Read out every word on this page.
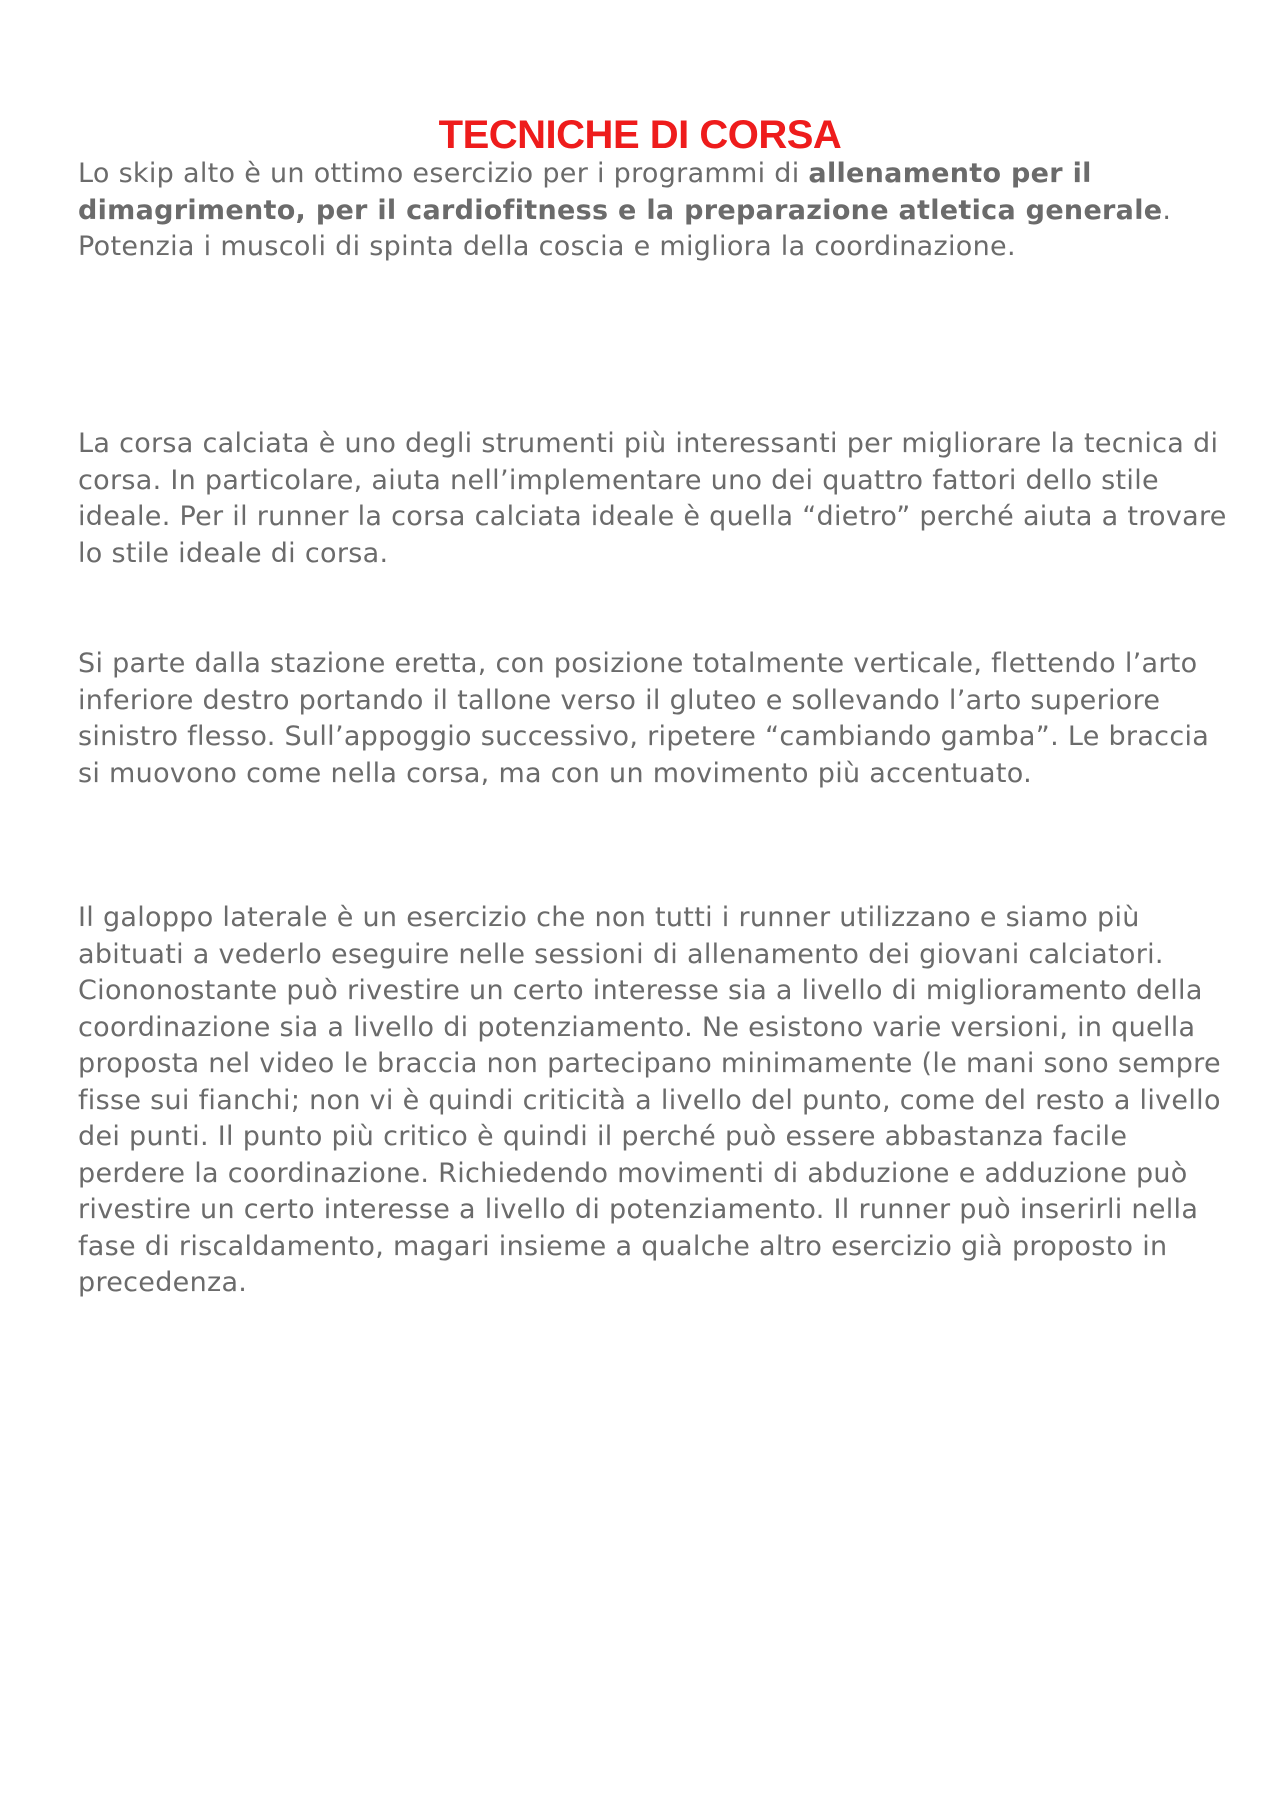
TECNICHE DI CORSA

Lo skip alto è un ottimo esercizio per i programmi di allenamento per il dimagrimento, per il cardiofitness e la preparazione atletica generale. Potenzia i muscoli di spinta della coscia e migliora la coordinazione.

La corsa calciata è uno degli strumenti più interessanti per migliorare la tecnica di corsa. In particolare, aiuta nell’implementare uno dei quattro fattori dello stile ideale. Per il runner la corsa calciata ideale è quella “dietro” perché aiuta a trovare lo stile ideale di corsa.

Si parte dalla stazione eretta, con posizione totalmente verticale, flettendo l’arto inferiore destro portando il tallone verso il gluteo e sollevando l’arto superiore sinistro flesso. Sull’appoggio successivo, ripetere “cambiando gamba”. Le braccia si muovono come nella corsa, ma con un movimento più accentuato.

Il galoppo laterale è un esercizio che non tutti i runner utilizzano e siamo più abituati a vederlo eseguire nelle sessioni di allenamento dei giovani calciatori. Ciononostante può rivestire un certo interesse sia a livello di miglioramento della coordinazione sia a livello di potenziamento. Ne esistono varie versioni, in quella proposta nel video le braccia non partecipano minimamente (le mani sono sempre fisse sui fianchi; non vi è quindi criticità a livello del punto, come del resto a livello dei punti. Il punto più critico è quindi il perché può essere abbastanza facile perdere la coordinazione. Richiedendo movimenti di abduzione e adduzione può rivestire un certo interesse a livello di potenziamento. Il runner può inserirli nella fase di riscaldamento, magari insieme a qualche altro esercizio già proposto in precedenza.
